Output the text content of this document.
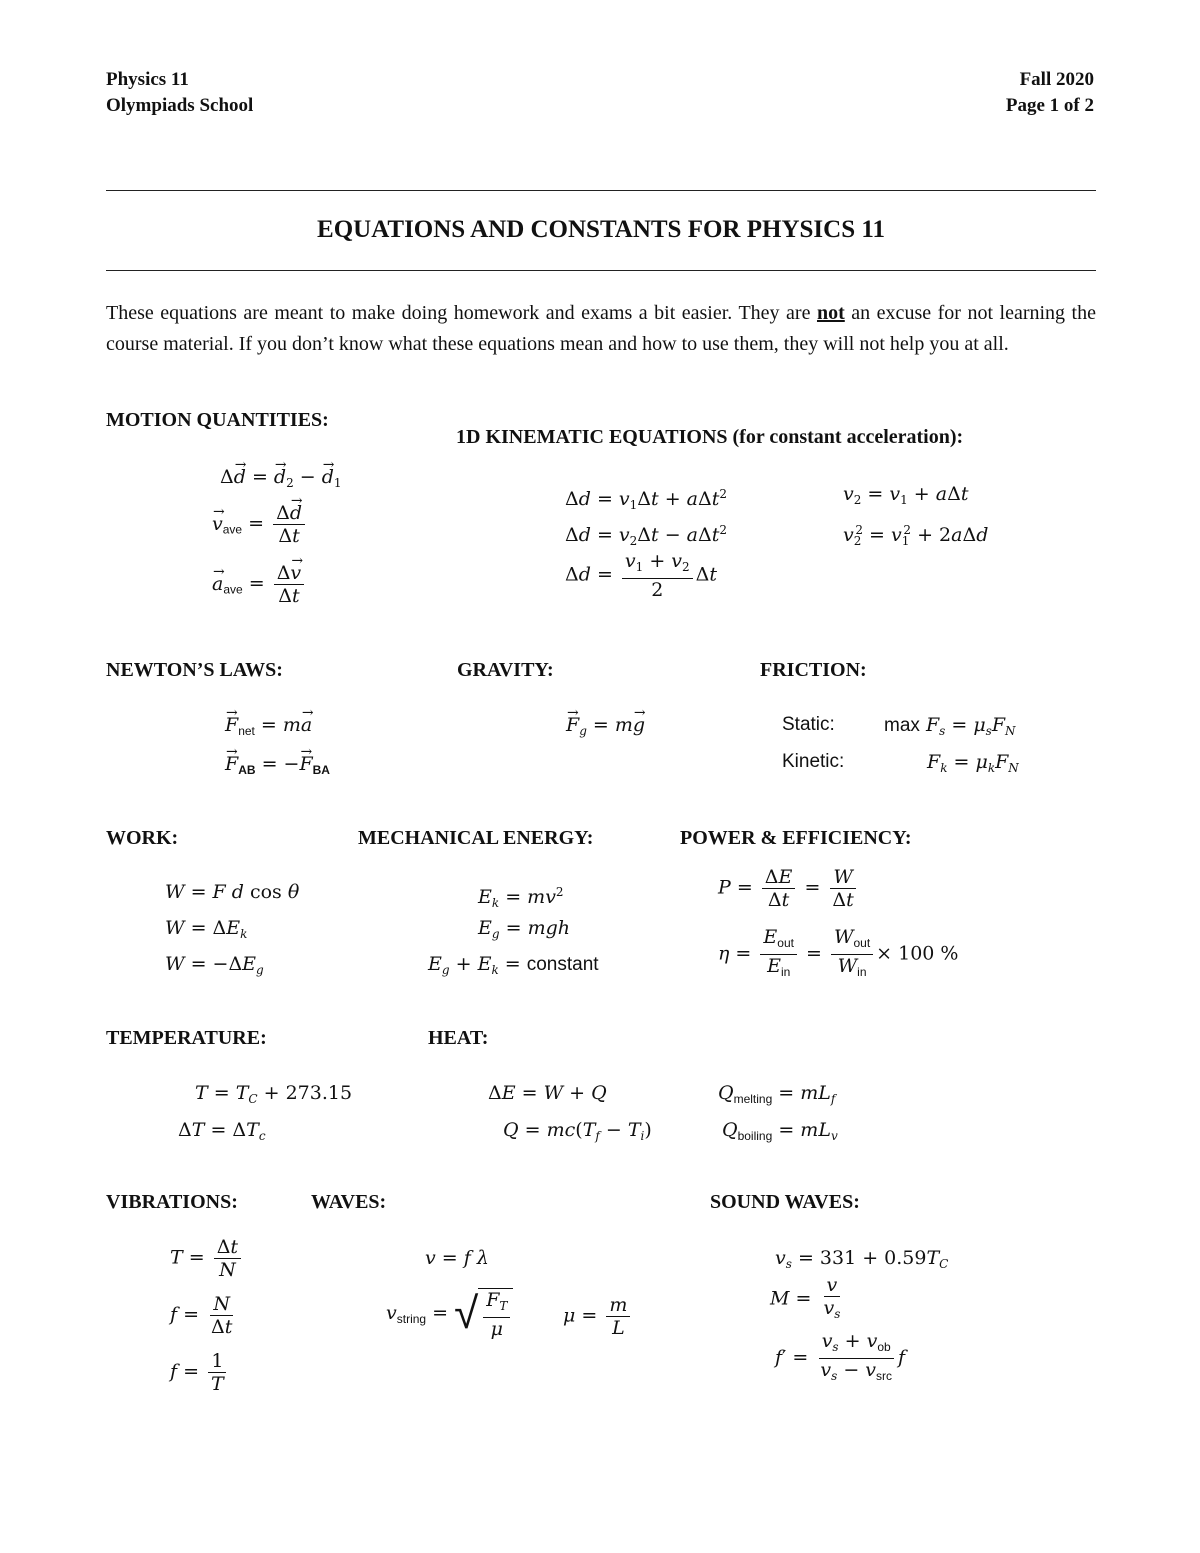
Physics 11
Olympiads School
Fall 2020
Page 1 of 2
EQUATIONS AND CONSTANTS FOR PHYSICS 11
These equations are meant to make doing homework and exams a bit easier. They are not an excuse for not learning the course material. If you don’t know what these equations mean and how to use them, they will not help you at all.
MOTION QUANTITIES:
Δ→ d = → $d_2$ − → $d_1$
→ $v_{ave} = \frac{\Delta\to d}{\Delta t}$
→ $a_{ave} = \frac{\Delta\to v}{\Delta t}$
1D KINEMATIC EQUATIONS (for constant acceleration):
$\Delta d = v_1\Delta t + a\Delta t^2$
$\Delta d = v_2\Delta t - a\Delta t^2$
$\Delta d = \frac{v_1 + v_2}{2}$ Δt
$v_2 = v_1 + a\Delta t$
$v_2^2 = v_1^2 + 2a\Delta d$
NEWTON’S LAWS:
→ $F_{net} = m\to a$
→ $F_{AB}$ = −→ $F_{BA}$
GRAVITY:
→ $F_g = m\to g$
FRICTION:
Static:	$\max F_s = \mu_sF_N$
Kinetic:	$F_k = \mu_kF_N$
WORK:
W = F d cos θ
$W = \Delta E_k$
$W = -\Delta E_g$
MECHANICAL ENERGY:
$E_k = mv^2$
$E_g$ = mgh
$E_g + E_k$ = constant
POWER & EFFICIENCY:
$P = \frac{\Delta E}{\Delta t} = \frac{W}{\Delta t}$
$\eta = \frac{E_{out}}{E_{in}} = \frac{W_{out}}{W_{in}} \times 100$ %
TEMPERATURE:
$T = T_C + 273.15$
$\Delta T = \Delta T_c$
HEAT:
ΔE = W + Q
$Q = mc(T_f - T_i)$
$Q_{melting} = mL_f$
$Q_{boiling} = mL_v$
VIBRATIONS:
$T = \frac{\Delta t}{N}$
$f = \frac{N}{\Delta t}$
$f = \frac{1}{T}$
WAVES:
v = f λ
$v_{string}$ = √ $\frac{F_T}{\mu}$	$\mu = \frac{m}{L}$
SOUND WAVES:
$v_s = 331 + 0.59T_C$
$M = \frac{v}{v_s}$
$f' = \frac{v_s + v_{ob}}{v_s - v_{src}}$ f
